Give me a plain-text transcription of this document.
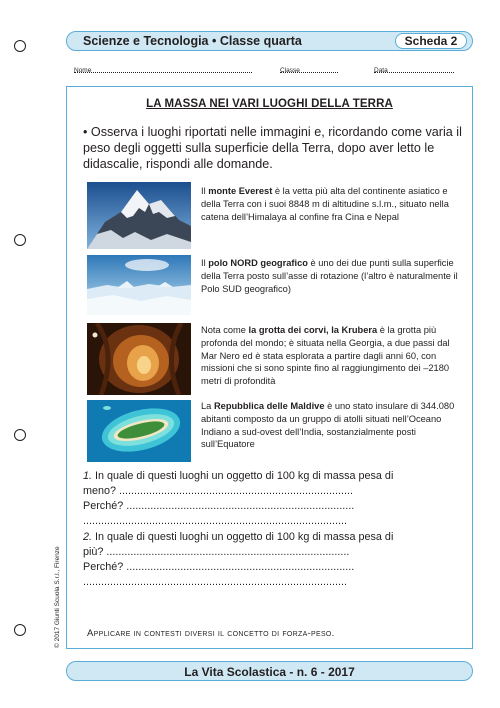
Scienze e Tecnologia • Classe quarta	Scheda 2
Nome	Classe	Data
LA MASSA NEI VARI LUOGHI DELLA TERRA
• Osserva i luoghi riportati nelle immagini e, ricordando come varia il peso degli oggetti sulla superficie della Terra, dopo aver letto le didascalie, rispondi alle domande.
Il monte Everest è la vetta più alta del continente asiatico e della Terra con i suoi 8848 m di altitudine s.l.m., situato nella catena dell’Himalaya al confine fra Cina e Nepal
Il polo NORD geografico è uno dei due punti sulla superficie della Terra posto sull’asse di rotazione (l’altro è naturalmente il Polo SUD geografico)
Nota come la grotta dei corvi, la Krubera è la grotta più profonda del mondo; è situata nella Georgia, a due passi dal Mar Nero ed è stata esplorata a partire dagli anni 60, con missioni che si sono spinte fino al raggiungimento dei –2180 metri di profondità
La Repubblica delle Maldive è uno stato insulare di 344.080 abitanti composto da un gruppo di atolli situati nell’Oceano Indiano a sud-ovest dell’India, sostanzialmente posti sull’Equatore
1. In quale di questi luoghi un oggetto di 100 kg di massa pesa di
meno? ..............................................................................
Perché? ............................................................................
........................................................................................
2. In quale di questi luoghi un oggetto di 100 kg di massa pesa di
più? .................................................................................
Perché? ............................................................................
........................................................................................
Applicare in contesti diversi il concetto di forza-peso.
© 2017 Giunti Scuola S.r.l., Firenze
La Vita Scolastica - n. 6 - 2017
